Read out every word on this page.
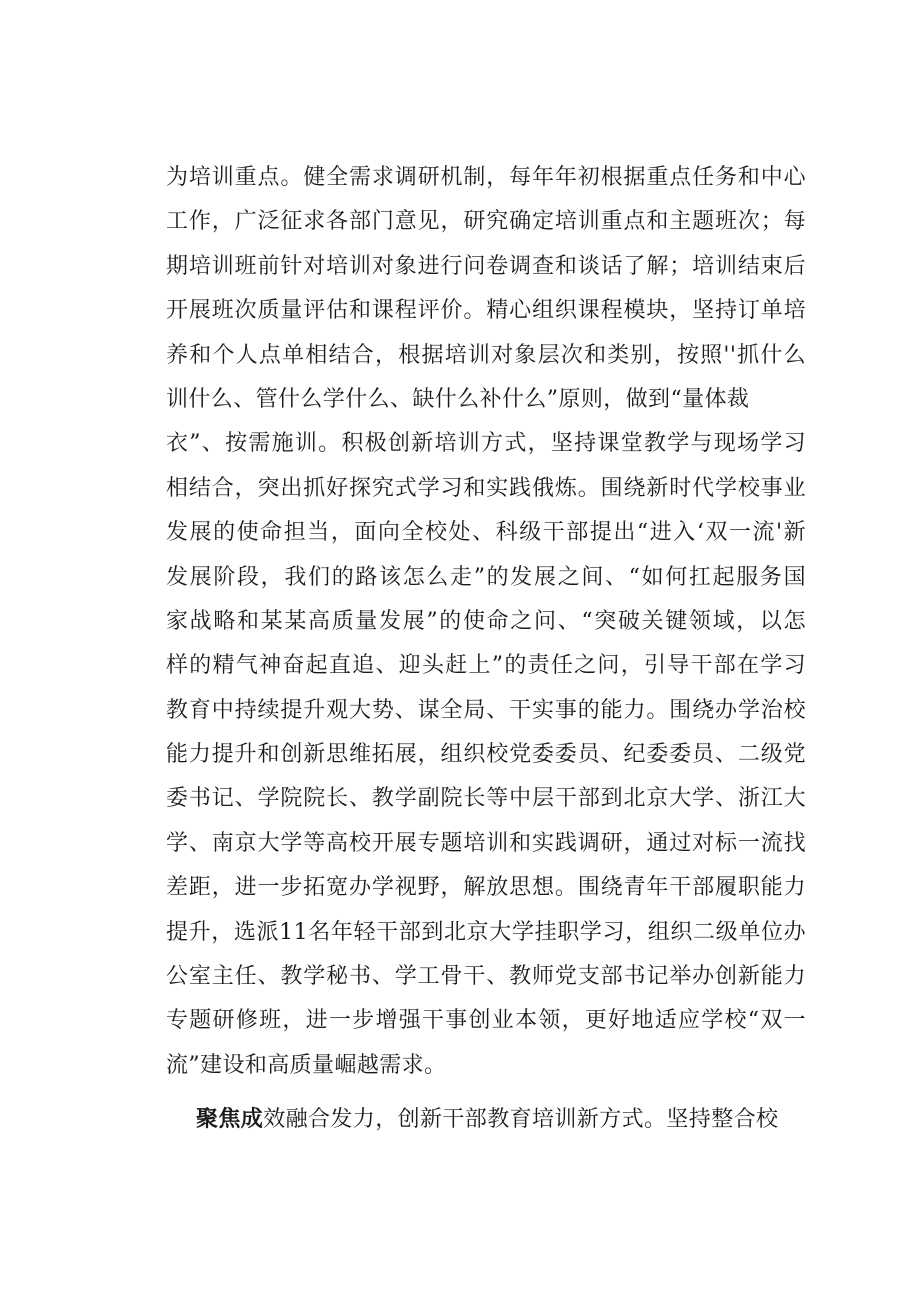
为培训重点。健全需求调研机制，每年年初根据重点任务和中心
工作，广泛征求各部门意见，研究确定培训重点和主题班次；每
期培训班前针对培训对象进行问卷调查和谈话了解；培训结束后
开展班次质量评估和课程评价。精心组织课程模块，坚持订单培
养和个人点单相结合，根据培训对象层次和类别，按照''抓什么
训什么、管什么学什么、缺什么补什么”原则，做到“量体裁
衣”、按需施训。积极创新培训方式，坚持课堂教学与现场学习
相结合，突出抓好探究式学习和实践俄炼。围绕新时代学校事业
发展的使命担当，面向全校处、科级干部提出“进入‘双一流'新
发展阶段，我们的路该怎么走”的发展之间、“如何扛起服务国
家战略和某某高质量发展”的使命之问、“突破关键领域，以怎
样的精气神奋起直追、迎头赶上”的责任之问，引导干部在学习
教育中持续提升观大势、谋全局、干实事的能力。围绕办学治校
能力提升和创新思维拓展，组织校党委委员、纪委委员、二级党
委书记、学院院长、教学副院长等中层干部到北京大学、浙江大
学、南京大学等高校开展专题培训和实践调研，通过对标一流找
差距，进一步拓宽办学视野，解放思想。围绕青年干部履职能力
提升，选派11名年轻干部到北京大学挂职学习，组织二级单位办
公室主任、教学秘书、学工骨干、教师党支部书记举办创新能力
专题研修班，进一步增强干事创业本领，更好地适应学校“双一
流”建设和高质量崛越需求。
聚焦成效融合发力，创新干部教育培训新方式。坚持整合校
